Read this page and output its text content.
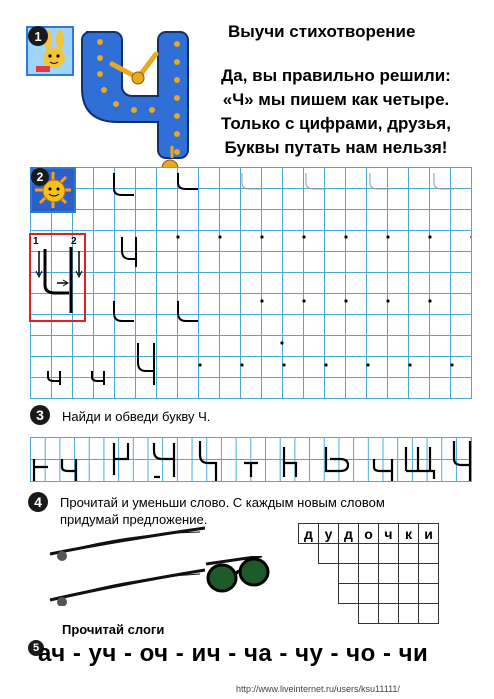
1	Выучи стихотворение
Да, вы правильно решили:
«Ч» мы пишем как четыре.
Только с цифрами, друзья,
Буквы путать нам нельзя!
2
1	2
3	Найди и обведи букву Ч.
4	Прочитай и уменьши слово. С каждым новым словом
придумай предложение.
д	у	д	о	ч	к	и

Прочитай слоги
5
ач - уч - оч - ич - ча - чу - чо - чи
http://www.liveinternet.ru/users/ksu11111/
